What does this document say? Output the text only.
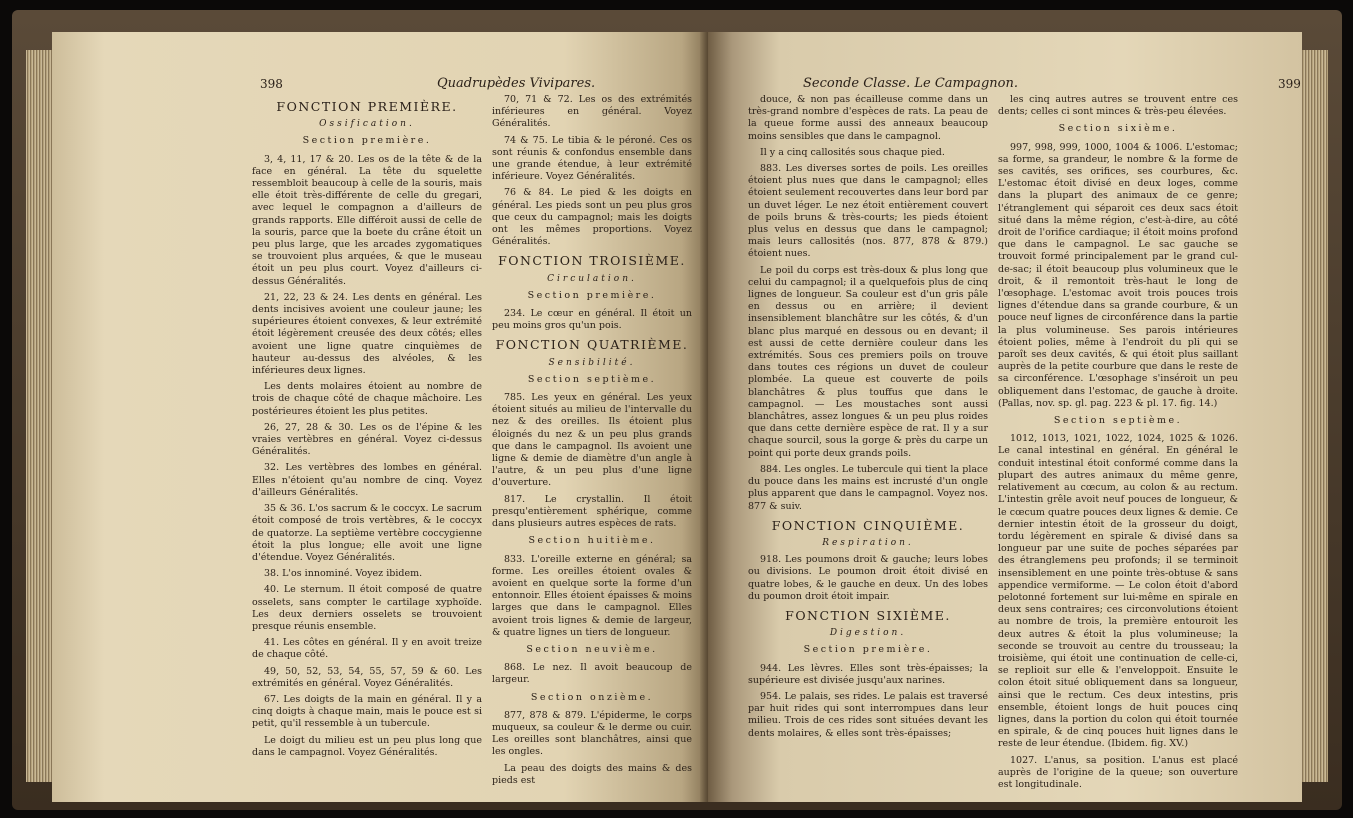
398	Quadrupèdes Vivipares.
FONCTION PREMIÈRE.
Ossification.
Section première.

3, 4, 11, 17 & 20. Les os de la tête & de la face en général. La tête du squelette ressembloit beaucoup à celle de la souris, mais elle étoit très-différente de celle du gregari, avec lequel le compagnon a d'ailleurs de grands rapports. Elle différoit aussi de celle de la souris, parce que la boete du crâne étoit un peu plus large, que les arcades zygomatiques se trouvoient plus arquées, & que le museau étoit un peu plus court. Voyez d'ailleurs ci-dessus Généralités.

21, 22, 23 & 24. Les dents en général. Les dents incisives avoient une couleur jaune; les supérieures étoient convexes, & leur extrémité étoit légèrement creusée des deux côtés; elles avoient une ligne quatre cinquièmes de hauteur au-dessus des alvéoles, & les inférieures deux lignes.

Les dents molaires étoient au nombre de trois de chaque côté de chaque mâchoire. Les postérieures étoient les plus petites.

26, 27, 28 & 30. Les os de l'épine & les vraies vertèbres en général. Voyez ci-dessus Généralités.

32. Les vertèbres des lombes en général. Elles n'étoient qu'au nombre de cinq. Voyez d'ailleurs Généralités.

35 & 36. L'os sacrum & le coccyx. Le sacrum étoit composé de trois vertèbres, & le coccyx de quatorze. La septième vertèbre coccygienne étoit la plus longue; elle avoit une ligne d'étendue. Voyez Généralités.

38. L'os innominé. Voyez ibidem.

40. Le sternum. Il étoit composé de quatre osselets, sans compter le cartilage xyphoïde. Les deux derniers osselets se trouvoient presque réunis ensemble.

41. Les côtes en général. Il y en avoit treize de chaque côté.

49, 50, 52, 53, 54, 55, 57, 59 & 60. Les extrémités en général. Voyez Généralités.

67. Les doigts de la main en général. Il y a cinq doigts à chaque main, mais le pouce est si petit, qu'il ressemble à un tubercule.

Le doigt du milieu est un peu plus long que dans le campagnol. Voyez Généralités.

70, 71 & 72. Les os des extrémités inférieures en général. Voyez Généralités.

74 & 75. Le tibia & le péroné. Ces os sont réunis & confondus ensemble dans une grande étendue, à leur extrémité inférieure. Voyez Généralités.

76 & 84. Le pied & les doigts en général. Les pieds sont un peu plus gros que ceux du campagnol; mais les doigts ont les mêmes proportions. Voyez Généralités.

FONCTION TROISIÈME.
Circulation.
Section première.

234. Le cœur en général. Il étoit un peu moins gros qu'un pois.

FONCTION QUATRIÈME.
Sensibilité.
Section septième.

785. Les yeux en général. Les yeux étoient situés au milieu de l'intervalle du nez & des oreilles. Ils étoient plus éloignés du nez & un peu plus grands que dans le campagnol. Ils avoient une ligne & demie de diamètre d'un angle à l'autre, & un peu plus d'une ligne d'ouverture.

817. Le crystallin. Il étoit presqu'entièrement sphérique, comme dans plusieurs autres espèces de rats.

Section huitième.

833. L'oreille externe en général; sa forme. Les oreilles étoient ovales & avoient en quelque sorte la forme d'un entonnoir. Elles étoient épaisses & moins larges que dans le campagnol. Elles avoient trois lignes & demie de largeur, & quatre lignes un tiers de longueur.

Section neuvième.

868. Le nez. Il avoit beaucoup de largeur.

Section onzième.

877, 878 & 879. L'épiderme, le corps muqueux, sa couleur & le derme ou cuir. Les oreilles sont blanchâtres, ainsi que les ongles.

La peau des doigts des mains & des pieds est

Seconde Classe. Le Campagnon.	399

douce, & non pas écailleuse comme dans un très-grand nombre d'espèces de rats. La peau de la queue forme aussi des anneaux beaucoup moins sensibles que dans le campagnol.

Il y a cinq callosités sous chaque pied.

883. Les diverses sortes de poils. Les oreilles étoient plus nues que dans le campagnol; elles étoient seulement recouvertes dans leur bord par un duvet léger. Le nez étoit entièrement couvert de poils bruns & très-courts; les pieds étoient plus velus en dessus que dans le campagnol; mais leurs callosités (nos. 877, 878 & 879.) étoient nues.

Le poil du corps est très-doux & plus long que celui du campagnol; il a quelquefois plus de cinq lignes de longueur. Sa couleur est d'un gris pâle en dessus ou en arrière; il devient insensiblement blanchâtre sur les côtés, & d'un blanc plus marqué en dessous ou en devant; il est aussi de cette dernière couleur dans les extrémités. Sous ces premiers poils on trouve dans toutes ces régions un duvet de couleur plombée. La queue est couverte de poils blanchâtres & plus touffus que dans le campagnol. — Les moustaches sont aussi blanchâtres, assez longues & un peu plus roides que dans cette dernière espèce de rat. Il y a sur chaque sourcil, sous la gorge & près du carpe un point qui porte deux grands poils.

884. Les ongles. Le tubercule qui tient la place du pouce dans les mains est incrusté d'un ongle plus apparent que dans le campagnol. Voyez nos. 877 & suiv.

FONCTION CINQUIÈME.
Respiration.

918. Les poumons droit & gauche; leurs lobes ou divisions. Le poumon droit étoit divisé en quatre lobes, & le gauche en deux. Un des lobes du poumon droit étoit impair.

FONCTION SIXIÈME.
Digestion.
Section première.

944. Les lèvres. Elles sont très-épaisses; la supérieure est divisée jusqu'aux narines.

954. Le palais, ses rides. Le palais est traversé par huit rides qui sont interrompues dans leur milieu. Trois de ces rides sont situées devant les dents molaires, & elles sont très-épaisses;

les cinq autres autres se trouvent entre ces dents; celles ci sont minces & très-peu élevées.

Section sixième.

997, 998, 999, 1000, 1004 & 1006. L'estomac; sa forme, sa grandeur, le nombre & la forme de ses cavités, ses orifices, ses courbures, &c. L'estomac étoit divisé en deux loges, comme dans la plupart des animaux de ce genre; l'étranglement qui séparoit ces deux sacs étoit situé dans la même région, c'est-à-dire, au côté droit de l'orifice cardiaque; il étoit moins profond que dans le campagnol. Le sac gauche se trouvoit formé principalement par le grand cul-de-sac; il étoit beaucoup plus volumineux que le droit, & il remontoit très-haut le long de l'œsophage. L'estomac avoit trois pouces trois lignes d'étendue dans sa grande courbure, & un pouce neuf lignes de circonférence dans la partie la plus volumineuse. Ses parois intérieures étoient polies, même à l'endroit du pli qui se paroît ses deux cavités, & qui étoit plus saillant auprès de la petite courbure que dans le reste de sa circonférence. L'œsophage s'inséroit un peu obliquement dans l'estomac, de gauche à droite. (Pallas, nov. sp. gl. pag. 223 & pl. 17. fig. 14.)

Section septième.

1012, 1013, 1021, 1022, 1024, 1025 & 1026. Le canal intestinal en général. En général le conduit intestinal étoit conformé comme dans la plupart des autres animaux du même genre, relativement au cœcum, au colon & au rectum. L'intestin grêle avoit neuf pouces de longueur, & le cœcum quatre pouces deux lignes & demie. Ce dernier intestin étoit de la grosseur du doigt, tordu légèrement en spirale & divisé dans sa longueur par une suite de poches séparées par des étranglemens peu profonds; il se terminoit insensiblement en une pointe très-obtuse & sans appendice vermiforme. — Le colon étoit d'abord pelotonné fortement sur lui-même en spirale en deux sens contraires; ces circonvolutions étoient au nombre de trois, la première entouroit les deux autres & étoit la plus volumineuse; la seconde se trouvoit au centre du trousseau; la troisième, qui étoit une continuation de celle-ci, se replioit sur elle & l'enveloppoit. Ensuite le colon étoit situé obliquement dans sa longueur, ainsi que le rectum. Ces deux intestins, pris ensemble, étoient longs de huit pouces cinq lignes, dans la portion du colon qui étoit tournée en spirale, & de cinq pouces huit lignes dans le reste de leur étendue. (Ibidem. fig. XV.)

1027. L'anus, sa position. L'anus est placé auprès de l'origine de la queue; son ouverture est longitudinale.
